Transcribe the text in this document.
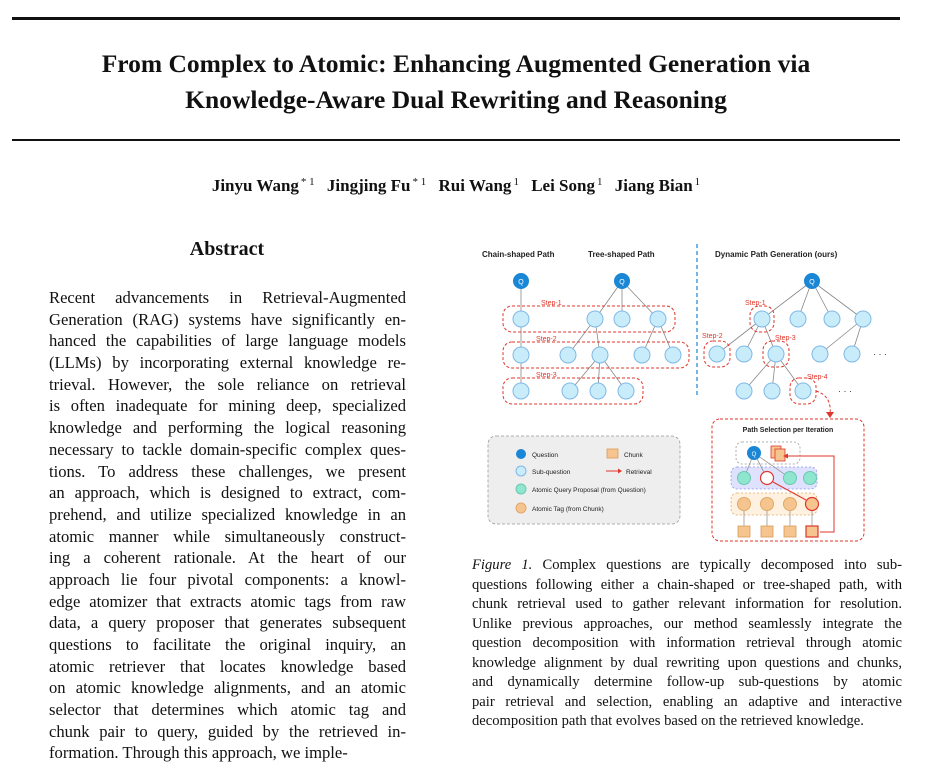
From Complex to Atomic: Enhancing Augmented Generation via
Knowledge-Aware Dual Rewriting and Reasoning
Jinyu Wang $^{* 1}$ Jingjing Fu $^{* 1}$ Rui Wang $^1$ Lei Song $^1$ Jiang Bian $^1$
Abstract
Recent advancements in Retrieval-Augmented
Generation (RAG) systems have significantly en-
hanced the capabilities of large language models
(LLMs) by incorporating external knowledge re-
trieval. However, the sole reliance on retrieval
is often inadequate for mining deep, specialized
knowledge and performing the logical reasoning
necessary to tackle domain-specific complex ques-
tions. To address these challenges, we present
an approach, which is designed to extract, com-
prehend, and utilize specialized knowledge in an
atomic manner while simultaneously construct-
ing a coherent rationale. At the heart of our
approach lie four pivotal components: a knowl-
edge atomizer that extracts atomic tags from raw
data, a query proposer that generates subsequent
questions to facilitate the original inquiry, an
atomic retriever that locates knowledge based
on atomic knowledge alignments, and an atomic
selector that determines which atomic tag and
chunk pair to query, guided by the retrieved in-
formation. Through this approach, we imple-
Chain-shaped Path	Tree-shaped Path	Dynamic Path Generation (ours)
Step-1
Step-2
Step-3
Q	Q
Step-1
Step-2	Step-3
Step-4
Q
· · ·
· · ·
Question
Sub-question
Atomic Query Proposal (from Question)
Atomic Tag (from Chunk)
Chunk
Retrieval
Path Selection per Iteration
Q
Figure 1. Complex questions are typically decomposed into sub-
questions following either a chain-shaped or tree-shaped path, with
chunk retrieval used to gather relevant information for resolution.
Unlike previous approaches, our method seamlessly integrate the
question decomposition with information retrieval through atomic
knowledge alignment by dual rewriting upon questions and chunks,
and dynamically determine follow-up sub-questions by atomic
pair retrieval and selection, enabling an adaptive and interactive
decomposition path that evolves based on the retrieved knowledge.
